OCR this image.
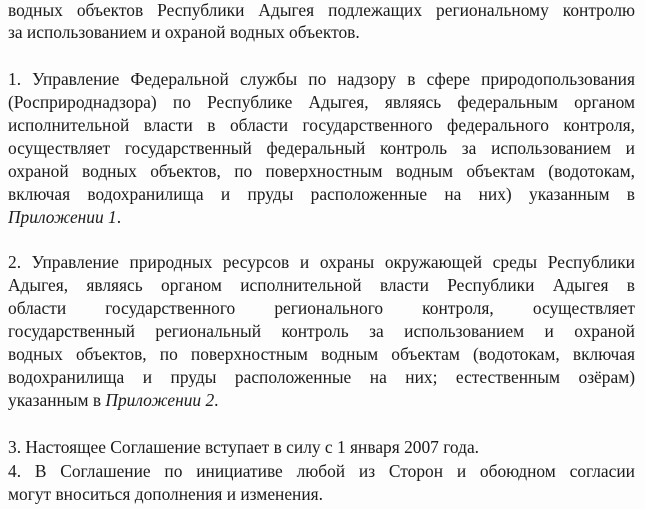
водных объектов Республики Адыгея подлежащих региональному контролю
за использованием и охраной водных объектов.
1. Управление Федеральной службы по надзору в сфере природопользования
(Росприроднадзора) по Республике Адыгея, являясь федеральным органом
исполнительной власти в области государственного федерального контроля,
осуществляет государственный федеральный контроль за использованием и
охраной водных объектов, по поверхностным водным объектам (водотокам,
включая водохранилища и пруды расположенные на них) указанным в
Приложении 1.
2. Управление природных ресурсов и охраны окружающей среды Республики
Адыгея, являясь органом исполнительной власти Республики Адыгея в
области государственного регионального контроля, осуществляет
государственный региональный контроль за использованием и охраной
водных объектов, по поверхностным водным объектам (водотокам, включая
водохранилища и пруды расположенные на них; естественным озёрам)
указанным в Приложении 2.
3. Настоящее Соглашение вступает в силу с 1 января 2007 года.
4. В Соглашение по инициативе любой из Сторон и обоюдном согласии
могут вноситься дополнения и изменения.
